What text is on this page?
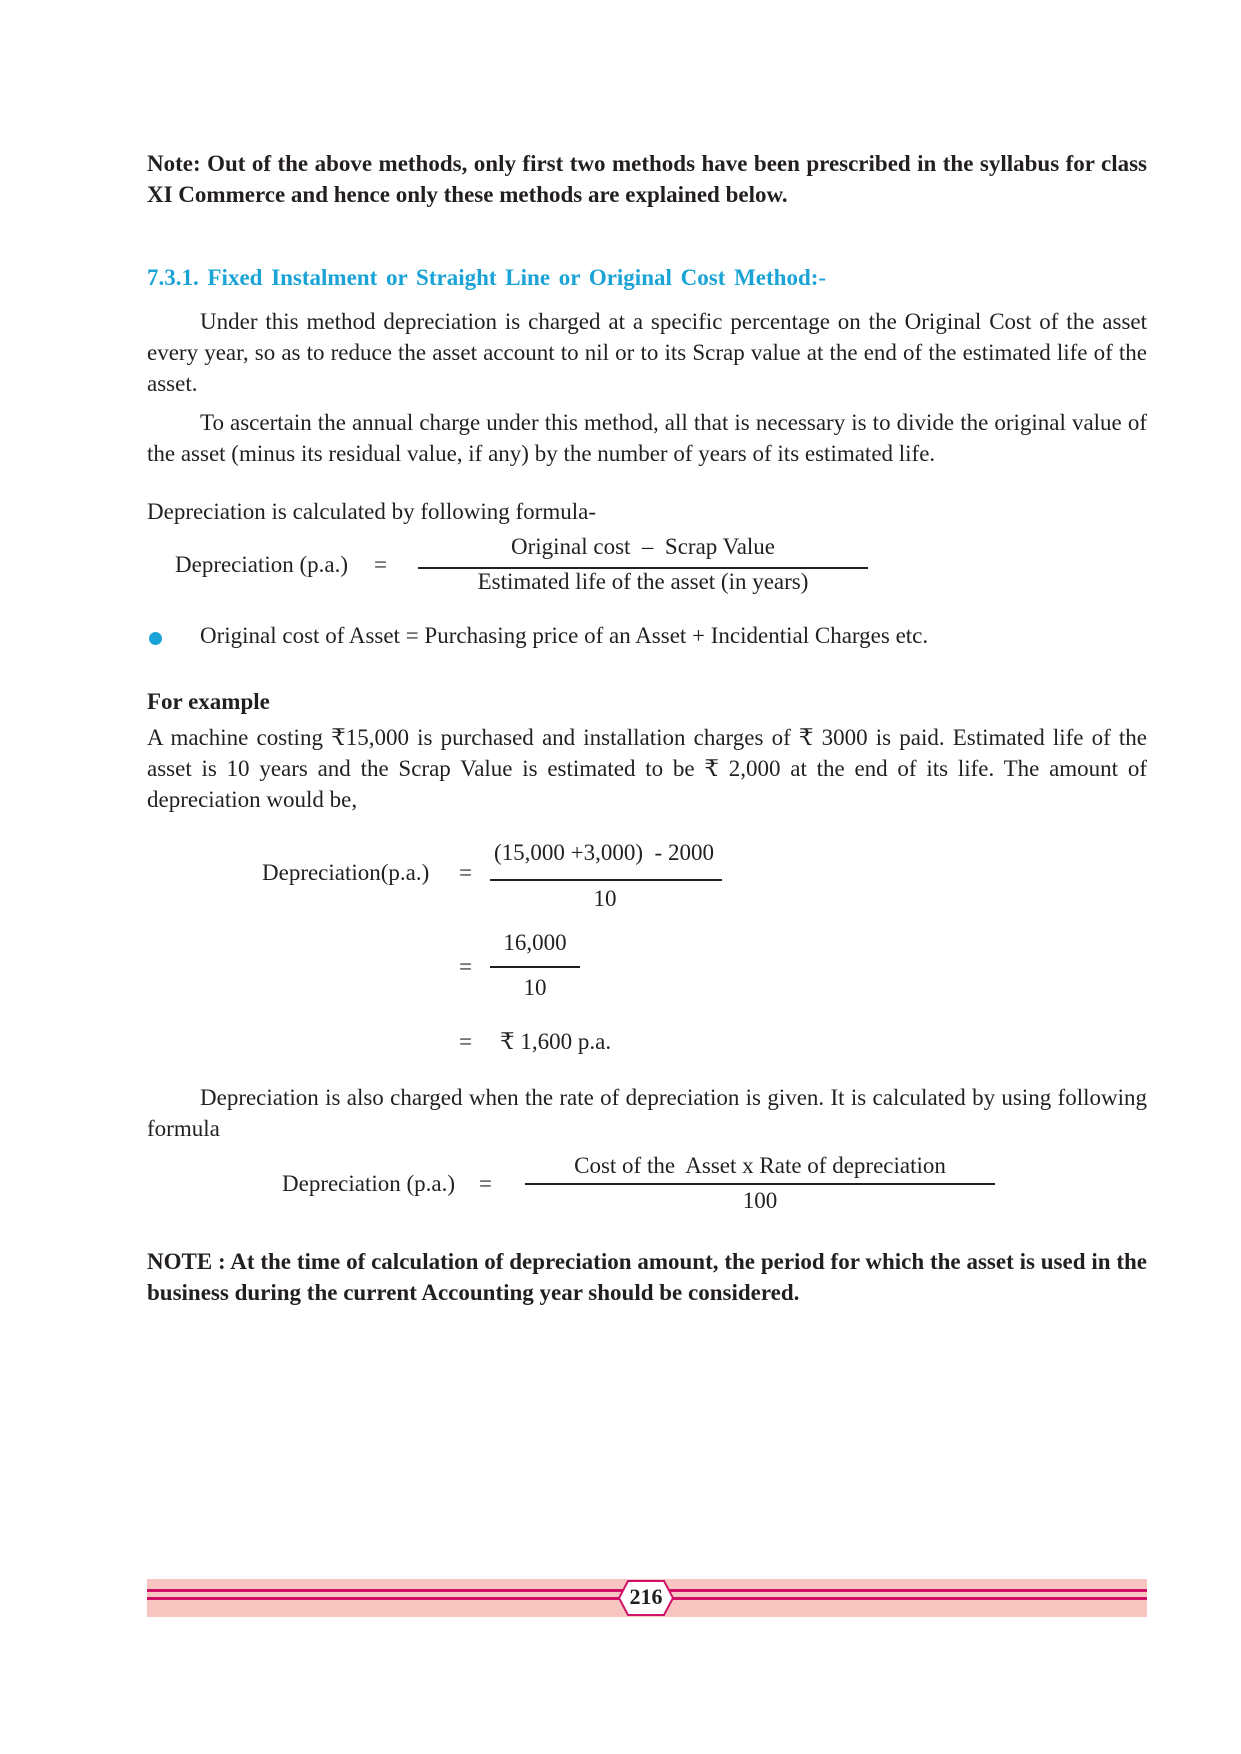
Note: Out of the above methods, only first two methods have been prescribed in the syllabus for class XI Commerce and hence only these methods are explained below.
7.3.1. Fixed Instalment or Straight Line or Original Cost Method:-
Under this method depreciation is charged at a specific percentage on the Original Cost of the asset every year, so as to reduce the asset account to nil or to its Scrap value at the end of the estimated life of the asset.
To ascertain the annual charge under this method, all that is necessary is to divide the original value of the asset (minus its residual value, if any) by the number of years of its estimated life.
Depreciation is calculated by following formula-
Depreciation (p.a.) =
Original cost  –  Scrap Value
Estimated life of the asset (in years)
Original cost of Asset = Purchasing price of an Asset + Incidential Charges etc.
For example
A machine costing ₹15,000 is purchased and installation charges of ₹ 3000 is paid. Estimated life of the asset is 10 years and the Scrap Value is estimated to be ₹ 2,000 at the end of its life. The amount of depreciation would be,
Depreciation(p.a.) =
(15,000 +3,000)  - 2000
10
=
16,000
10
= ₹ 1,600 p.a.
Depreciation is also charged when the rate of depreciation is given. It is calculated by using following formula
Depreciation (p.a.) =
Cost of the  Asset x Rate of depreciation
100
NOTE : At the time of calculation of depreciation amount, the period for which the asset is used in the business during the current Accounting year should be considered.
216
